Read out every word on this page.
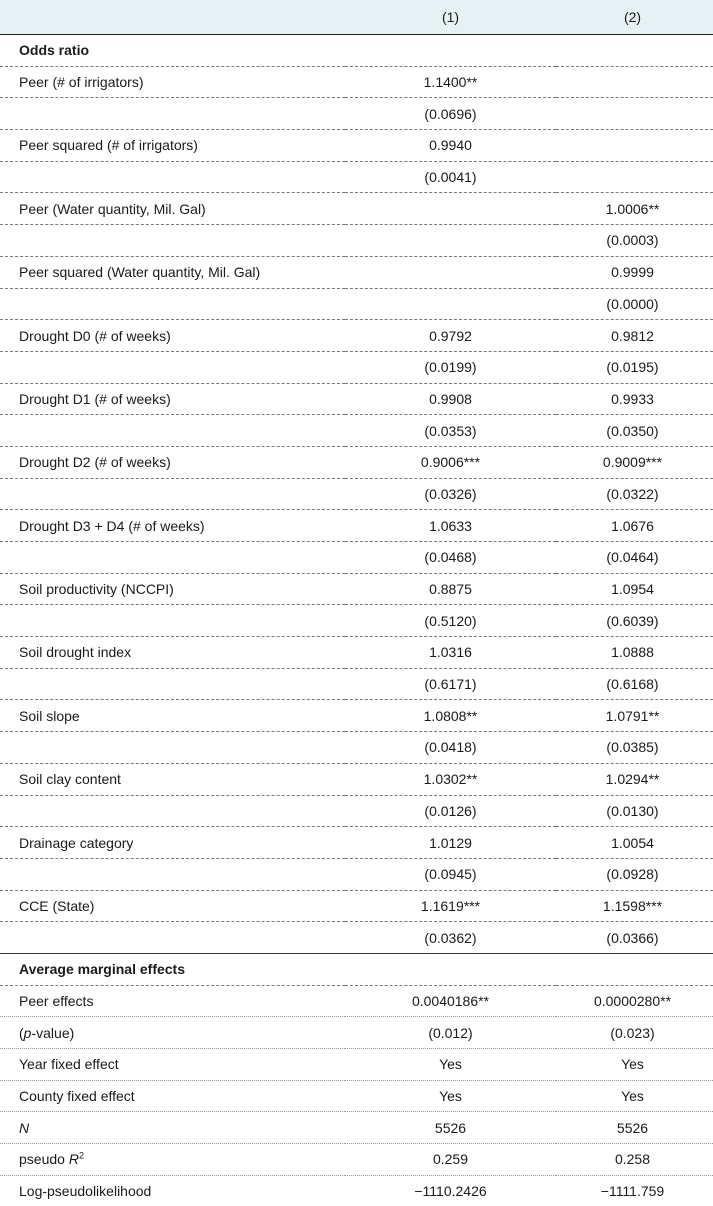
	(1)	(2)
Odds ratio		
Peer (# of irrigators)	1.1400**	
	(0.0696)	
Peer squared (# of irrigators)	0.9940	
	(0.0041)	
Peer (Water quantity, Mil. Gal)		1.0006**
		(0.0003)
Peer squared (Water quantity, Mil. Gal)		0.9999
		(0.0000)
Drought D0 (# of weeks)	0.9792	0.9812
	(0.0199)	(0.0195)
Drought D1 (# of weeks)	0.9908	0.9933
	(0.0353)	(0.0350)
Drought D2 (# of weeks)	0.9006***	0.9009***
	(0.0326)	(0.0322)
Drought D3 + D4 (# of weeks)	1.0633	1.0676
	(0.0468)	(0.0464)
Soil productivity (NCCPI)	0.8875	1.0954
	(0.5120)	(0.6039)
Soil drought index	1.0316	1.0888
	(0.6171)	(0.6168)
Soil slope	1.0808**	1.0791**
	(0.0418)	(0.0385)
Soil clay content	1.0302**	1.0294**
	(0.0126)	(0.0130)
Drainage category	1.0129	1.0054
	(0.0945)	(0.0928)
CCE (State)	1.1619***	1.1598***
	(0.0362)	(0.0366)
Average marginal effects		
Peer effects	0.0040186**	0.0000280**
(p-value)	(0.012)	(0.023)
Year fixed effect	Yes	Yes
County fixed effect	Yes	Yes
N	5526	5526
pseudo $R^2$	0.259	0.258
Log-pseudolikelihood	−1110.2426	−1111.759
